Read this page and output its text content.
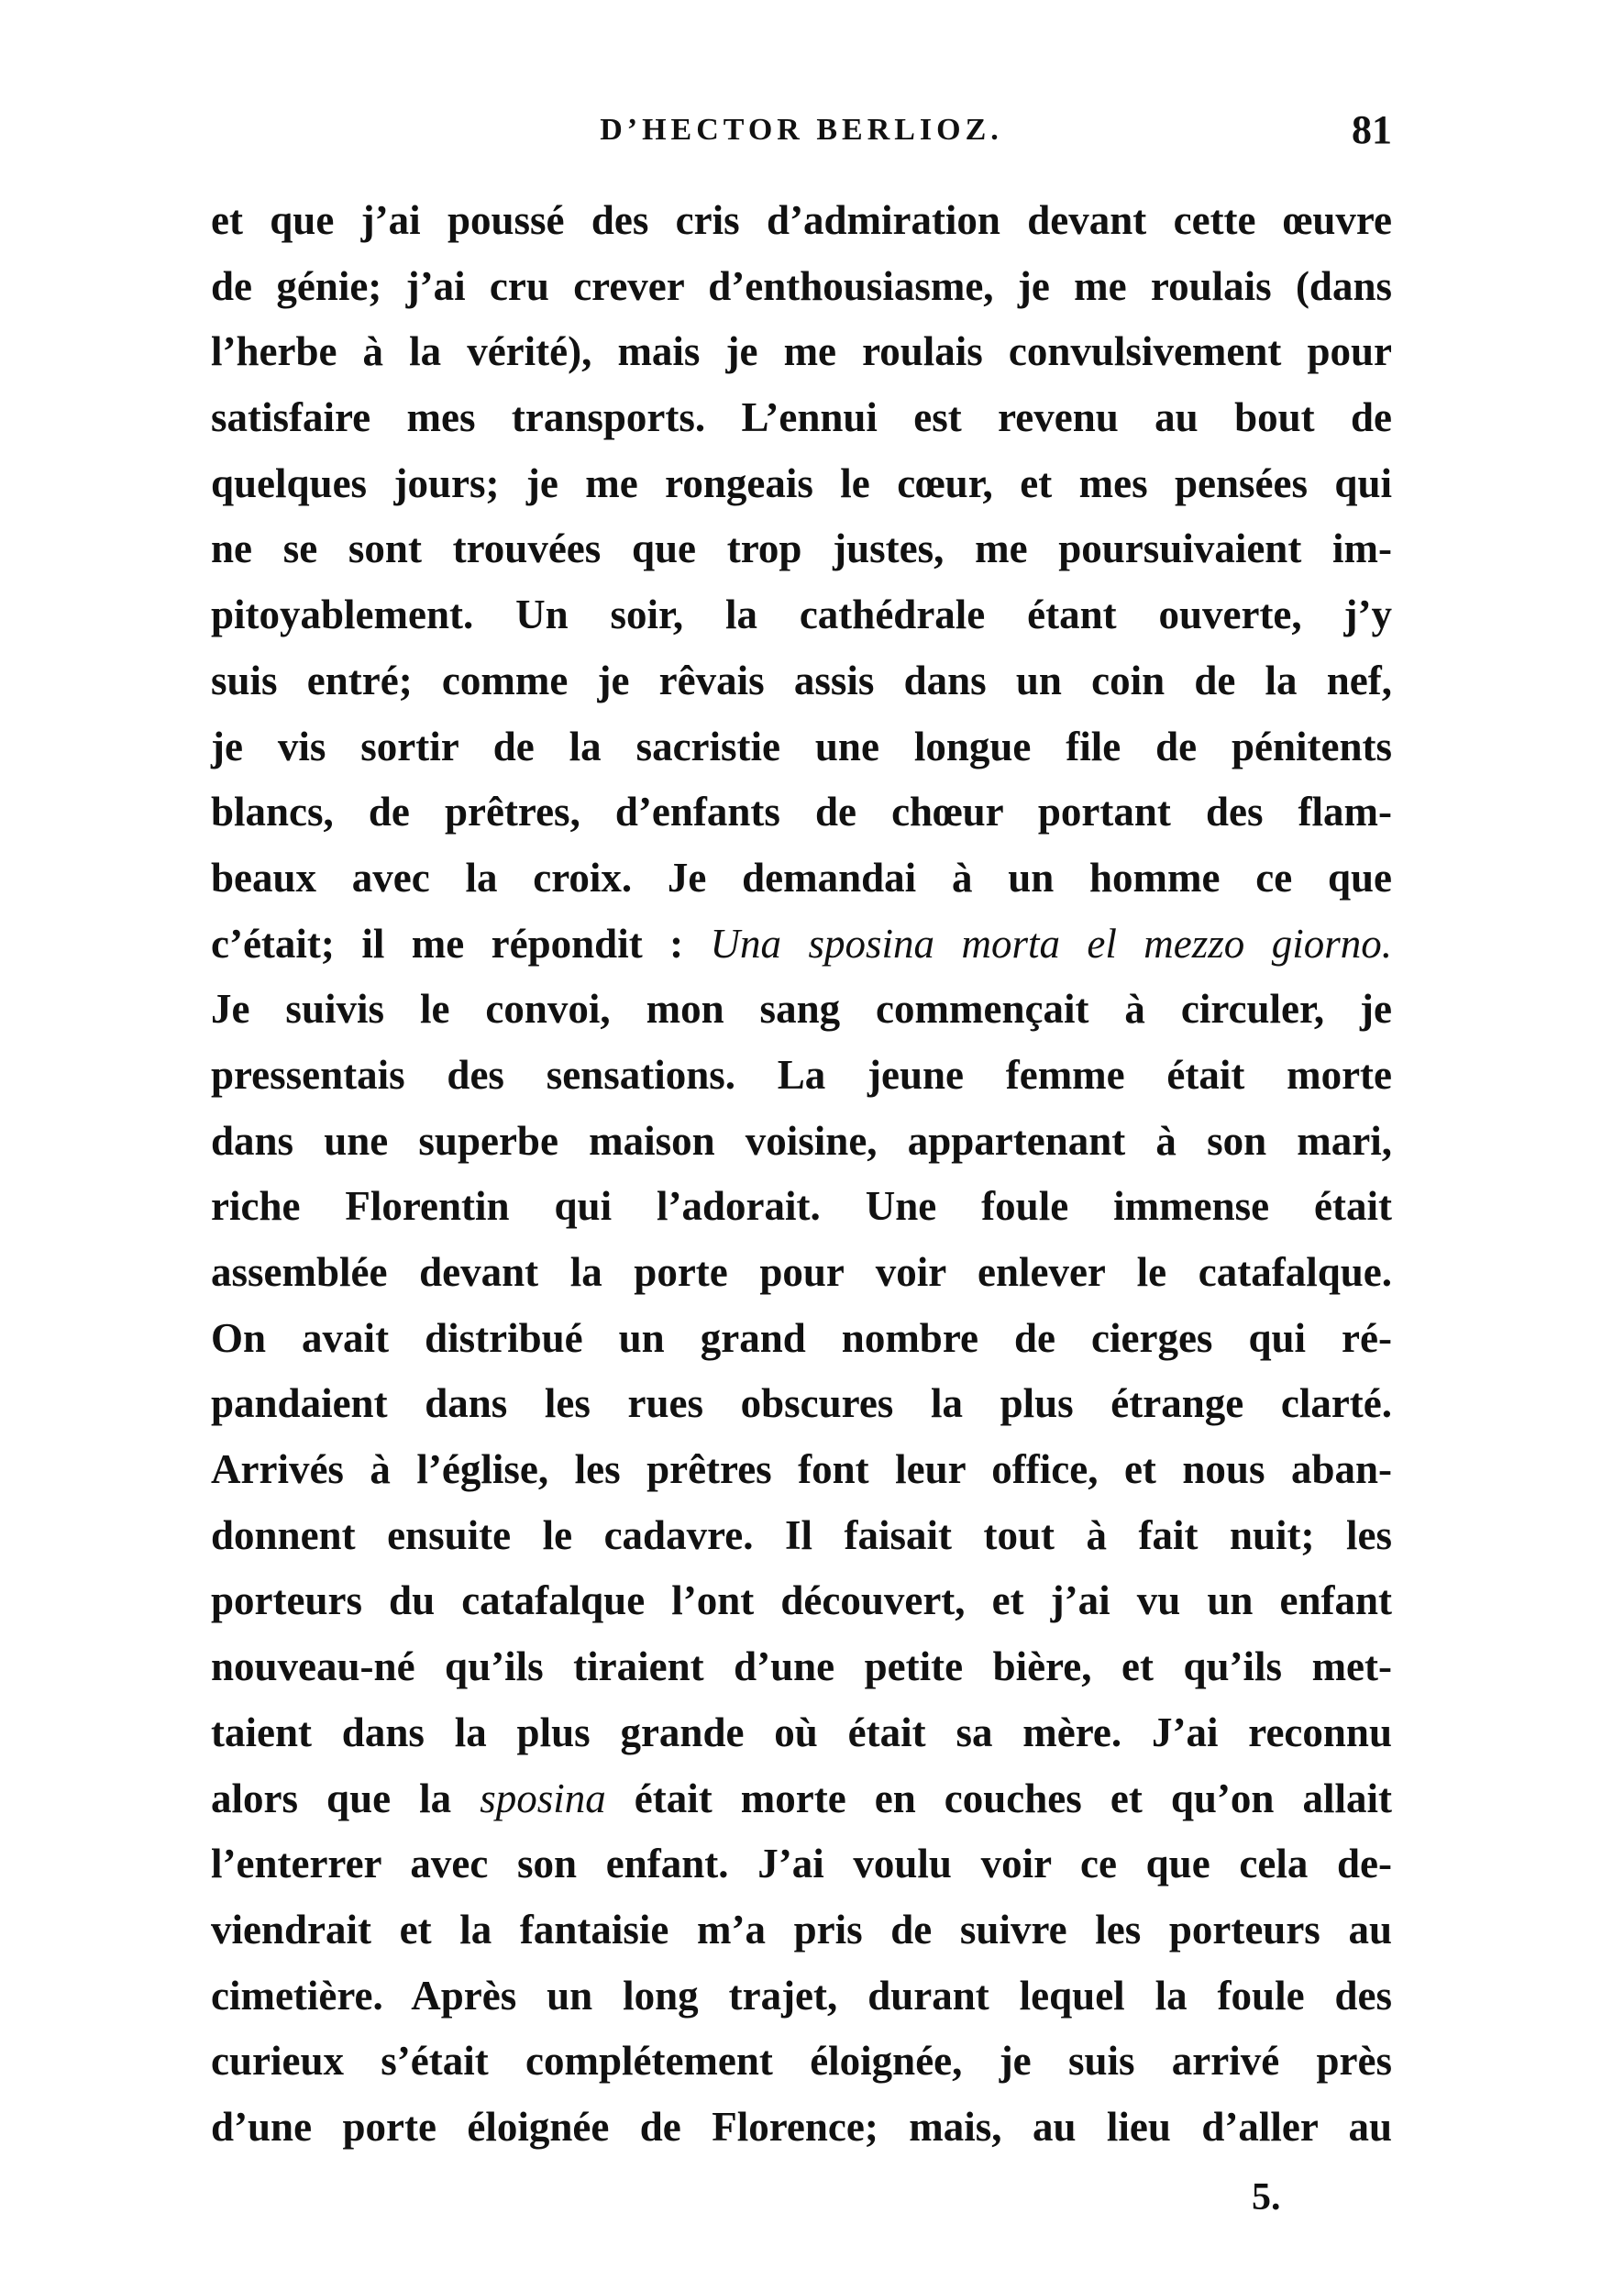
D’HECTOR BERLIOZ.	81
et que j’ai poussé des cris d’admiration devant cette œuvre
de génie; j’ai cru crever d’enthousiasme, je me roulais (dans
l’herbe à la vérité), mais je me roulais convulsivement pour
satisfaire mes transports. L’ennui est revenu au bout de
quelques jours; je me rongeais le cœur, et mes pensées qui
ne se sont trouvées que trop justes, me poursuivaient im-
pitoyablement. Un soir, la cathédrale étant ouverte, j’y
suis entré; comme je rêvais assis dans un coin de la nef,
je vis sortir de la sacristie une longue file de pénitents
blancs, de prêtres, d’enfants de chœur portant des flam-
beaux avec la croix. Je demandai à un homme ce que
c’était; il me répondit : Una sposina morta el mezzo giorno.
Je suivis le convoi, mon sang commençait à circuler, je
pressentais des sensations. La jeune femme était morte
dans une superbe maison voisine, appartenant à son mari,
riche Florentin qui l’adorait. Une foule immense était
assemblée devant la porte pour voir enlever le catafalque.
On avait distribué un grand nombre de cierges qui ré-
pandaient dans les rues obscures la plus étrange clarté.
Arrivés à l’église, les prêtres font leur office, et nous aban-
donnent ensuite le cadavre. Il faisait tout à fait nuit; les
porteurs du catafalque l’ont découvert, et j’ai vu un enfant
nouveau-né qu’ils tiraient d’une petite bière, et qu’ils met-
taient dans la plus grande où était sa mère. J’ai reconnu
alors que la sposina était morte en couches et qu’on allait
l’enterrer avec son enfant. J’ai voulu voir ce que cela de-
viendrait et la fantaisie m’a pris de suivre les porteurs au
cimetière. Après un long trajet, durant lequel la foule des
curieux s’était complétement éloignée, je suis arrivé près
d’une porte éloignée de Florence; mais, au lieu d’aller au
5.
